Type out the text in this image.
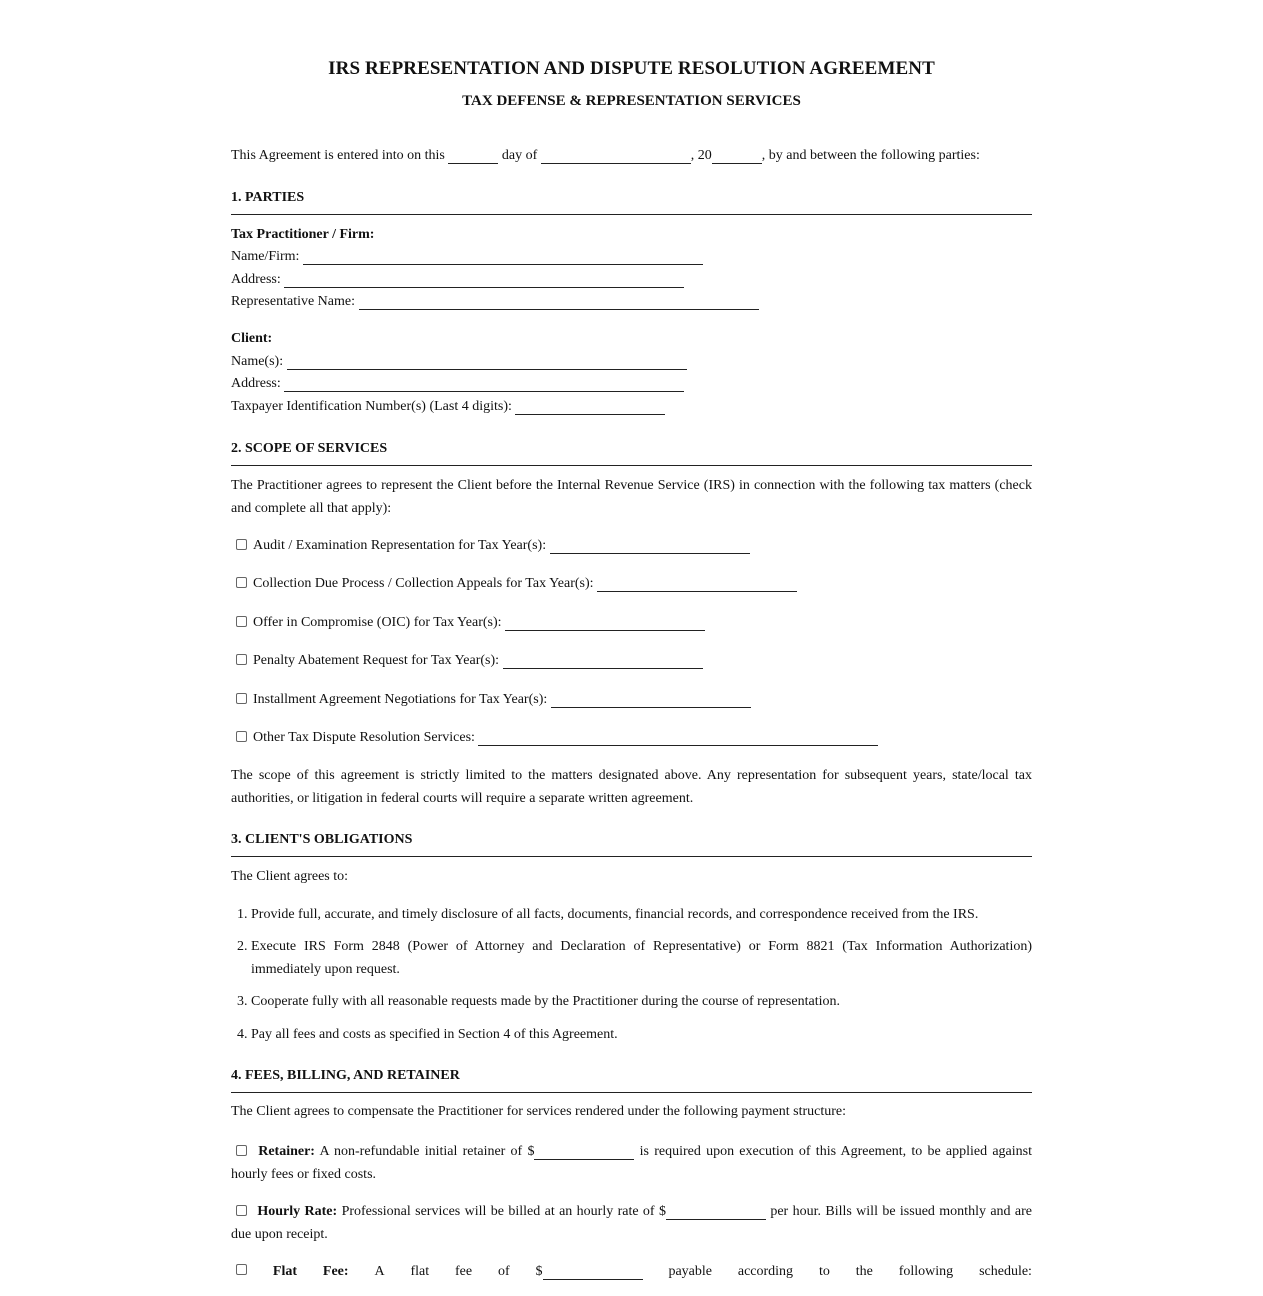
IRS REPRESENTATION AND DISPUTE RESOLUTION AGREEMENT
TAX DEFENSE & REPRESENTATION SERVICES
This Agreement is entered into on this	day of	, 20	, by and between the following parties:
1. PARTIES
Tax Practitioner / Firm:
Name/Firm:
Address:
Representative Name:
Client:
Name(s):
Address:
Taxpayer Identification Number(s) (Last 4 digits):
2. SCOPE OF SERVICES
The Practitioner agrees to represent the Client before the Internal Revenue Service (IRS) in connection with the following tax matters (check and complete all that apply):
Audit / Examination Representation for Tax Year(s):
Collection Due Process / Collection Appeals for Tax Year(s):
Offer in Compromise (OIC) for Tax Year(s):
Penalty Abatement Request for Tax Year(s):
Installment Agreement Negotiations for Tax Year(s):
Other Tax Dispute Resolution Services:
The scope of this agreement is strictly limited to the matters designated above. Any representation for subsequent years, state/local tax authorities, or litigation in federal courts will require a separate written agreement.
3. CLIENT'S OBLIGATIONS
The Client agrees to:
1. Provide full, accurate, and timely disclosure of all facts, documents, financial records, and correspondence received from the IRS.
2. Execute IRS Form 2848 (Power of Attorney and Declaration of Representative) or Form 8821 (Tax Information Authorization) immediately upon request.
3. Cooperate fully with all reasonable requests made by the Practitioner during the course of representation.
4. Pay all fees and costs as specified in Section 4 of this Agreement.
4. FEES, BILLING, AND RETAINER
The Client agrees to compensate the Practitioner for services rendered under the following payment structure:
Retainer: A non-refundable initial retainer of $	is required upon execution of this Agreement, to be applied against hourly fees or fixed costs.
Hourly Rate: Professional services will be billed at an hourly rate of $	per hour. Bills will be issued monthly and are due upon receipt.
Flat Fee: A flat fee of $	payable according to the following schedule:
